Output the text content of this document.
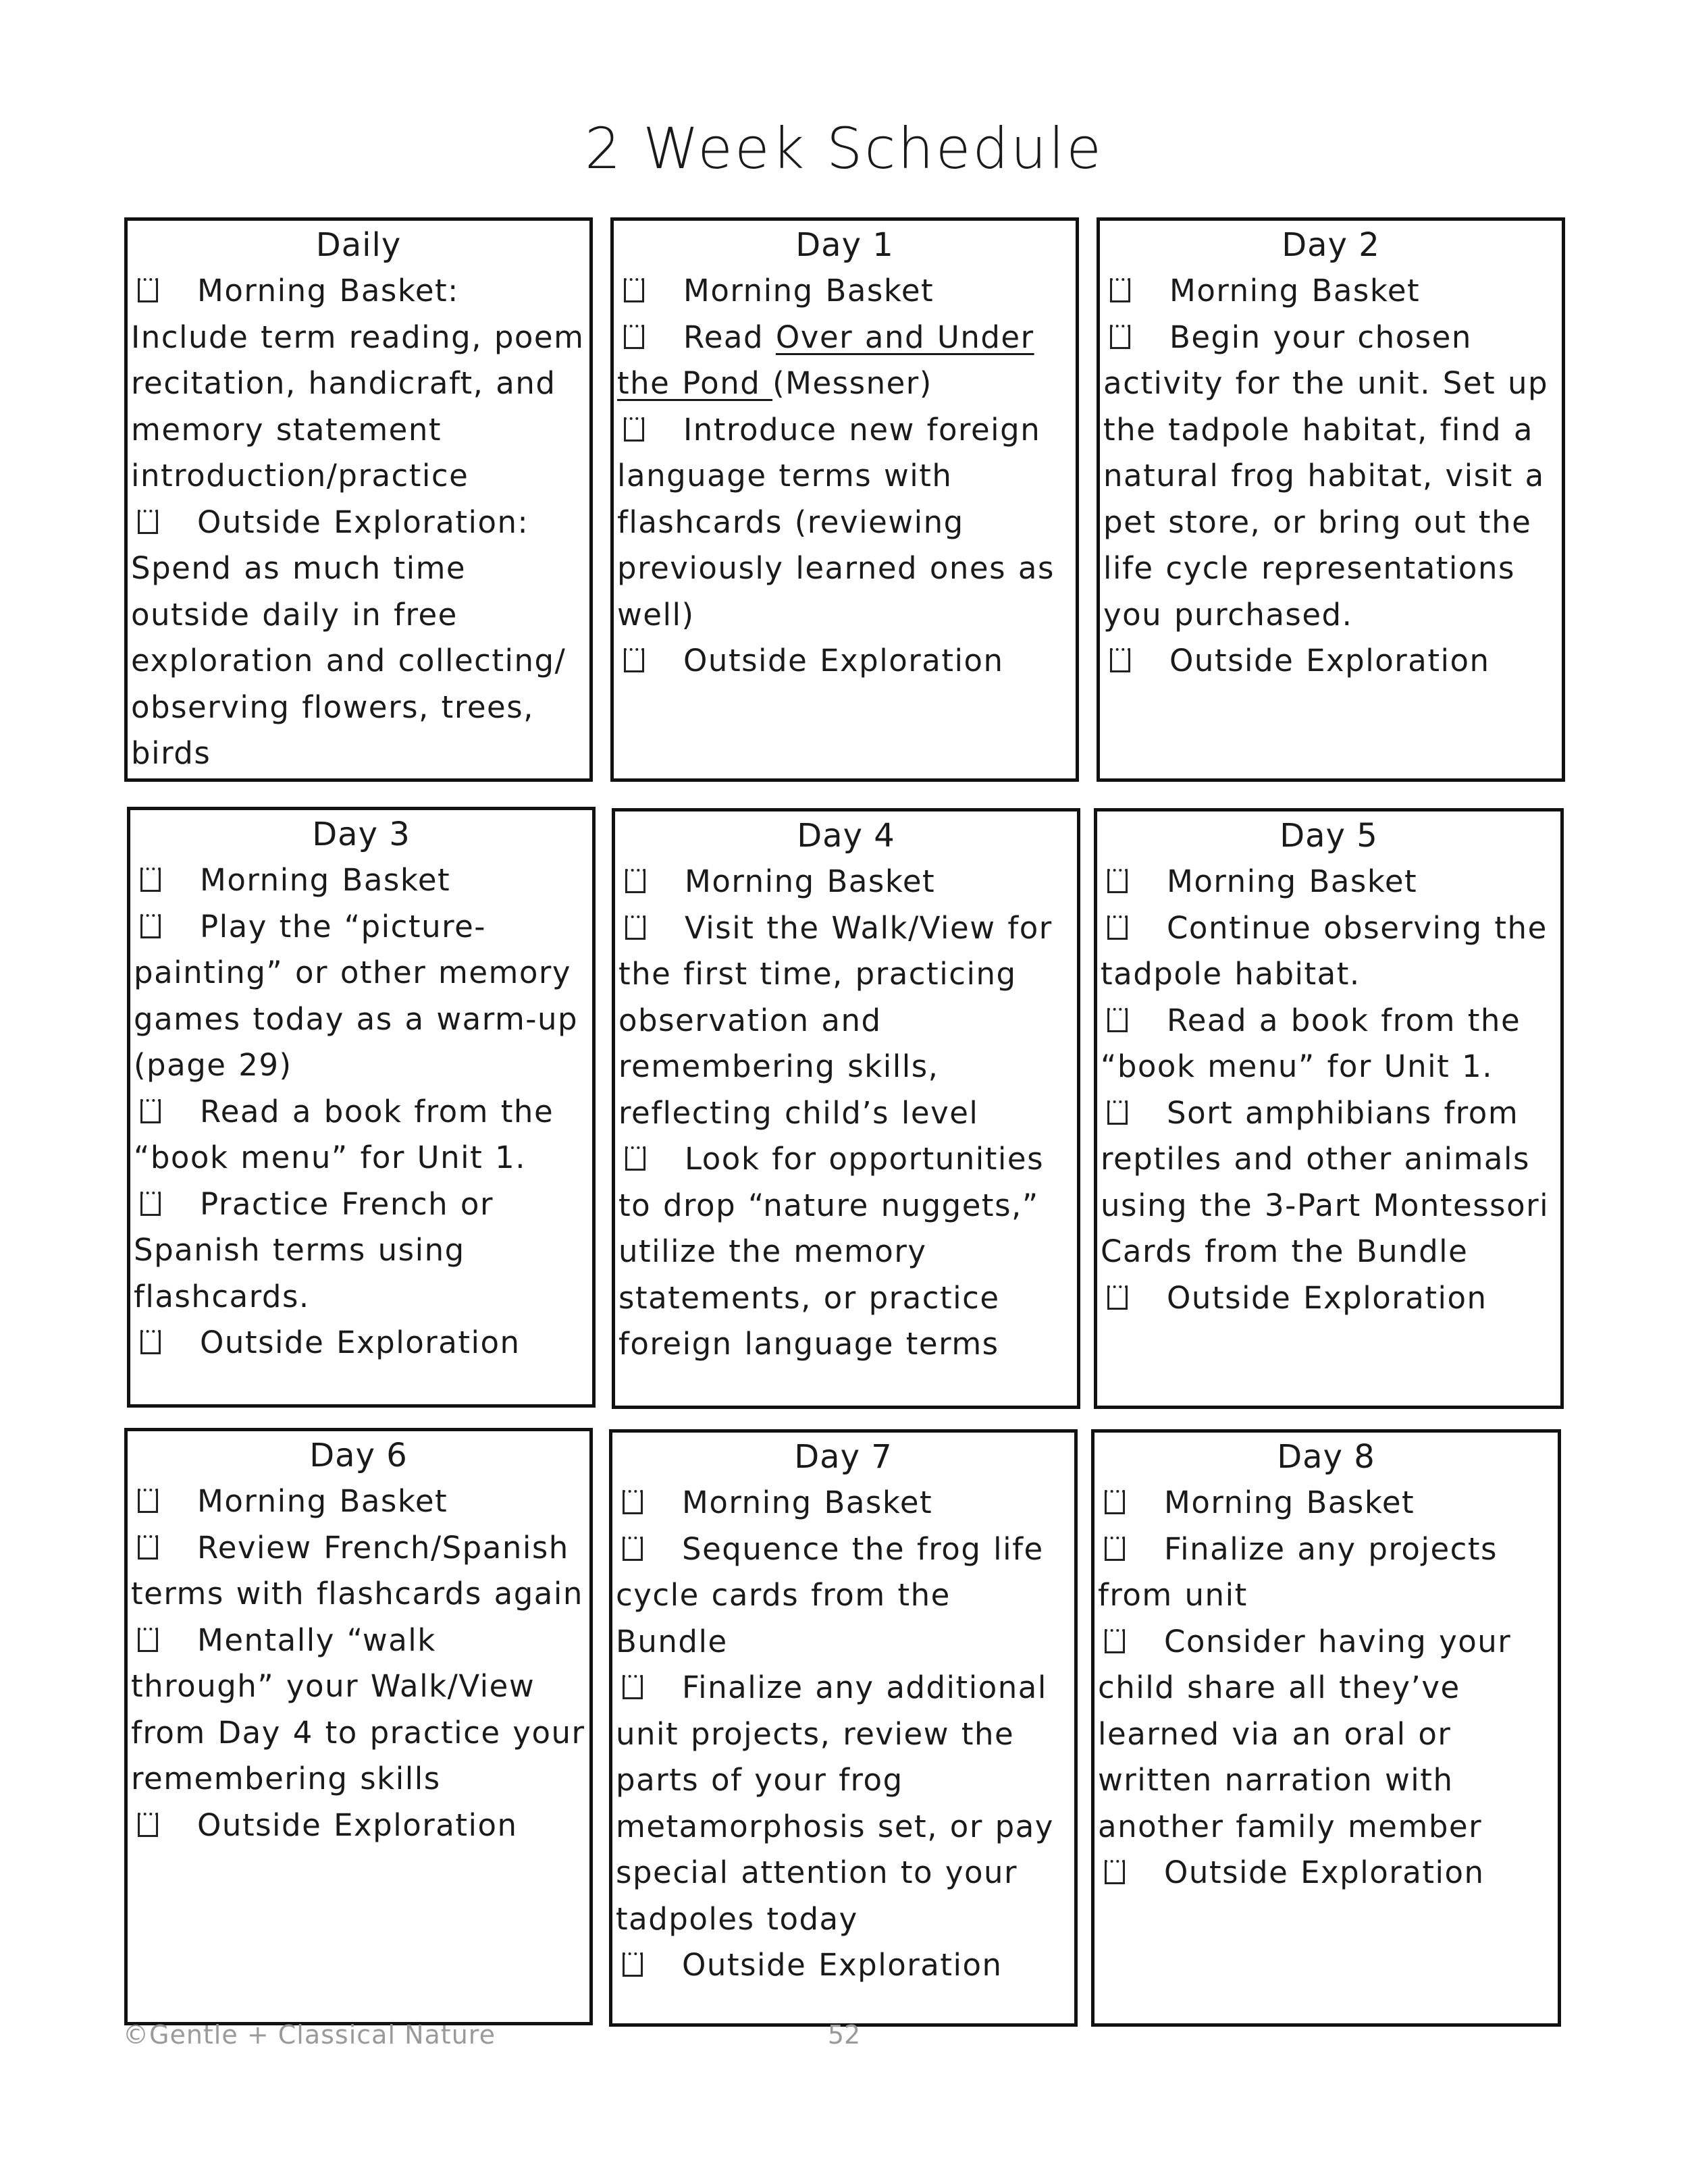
2 Week Schedule
Daily
Morning Basket: Include term reading, poem recitation, handicraft, and memory statement introduction/practice
Outside Exploration: Spend as much time outside daily in free exploration and collecting/ observing flowers, trees, birds
Day 1
Morning Basket
Read Over and Under the Pond (Messner)
Introduce new foreign language terms with flashcards (reviewing previously learned ones as well)
Outside Exploration
Day 2
Morning Basket
Begin your chosen activity for the unit. Set up the tadpole habitat, find a natural frog habitat, visit a pet store, or bring out the life cycle representations you purchased.
Outside Exploration
Day 3
Morning Basket
Play the “picture-painting” or other memory games today as a warm-up (page 29)
Read a book from the “book menu” for Unit 1.
Practice French or Spanish terms using flashcards.
Outside Exploration
Day 4
Morning Basket
Visit the Walk/View for the first time, practicing observation and remembering skills, reflecting child’s level
Look for opportunities to drop “nature nuggets,” utilize the memory statements, or practice foreign language terms
Day 5
Morning Basket
Continue observing the tadpole habitat.
Read a book from the “book menu” for Unit 1.
Sort amphibians from reptiles and other animals using the 3-Part Montessori Cards from the Bundle
Outside Exploration
Day 6
Morning Basket
Review French/Spanish terms with flashcards again
Mentally “walk through” your Walk/View from Day 4 to practice your remembering skills
Outside Exploration
Day 7
Morning Basket
Sequence the frog life cycle cards from the Bundle
Finalize any additional unit projects, review the parts of your frog metamorphosis set, or pay special attention to your tadpoles today
Outside Exploration
Day 8
Morning Basket
Finalize any projects from unit
Consider having your child share all they’ve learned via an oral or written narration with another family member
Outside Exploration
©Gentle + Classical Nature	52
